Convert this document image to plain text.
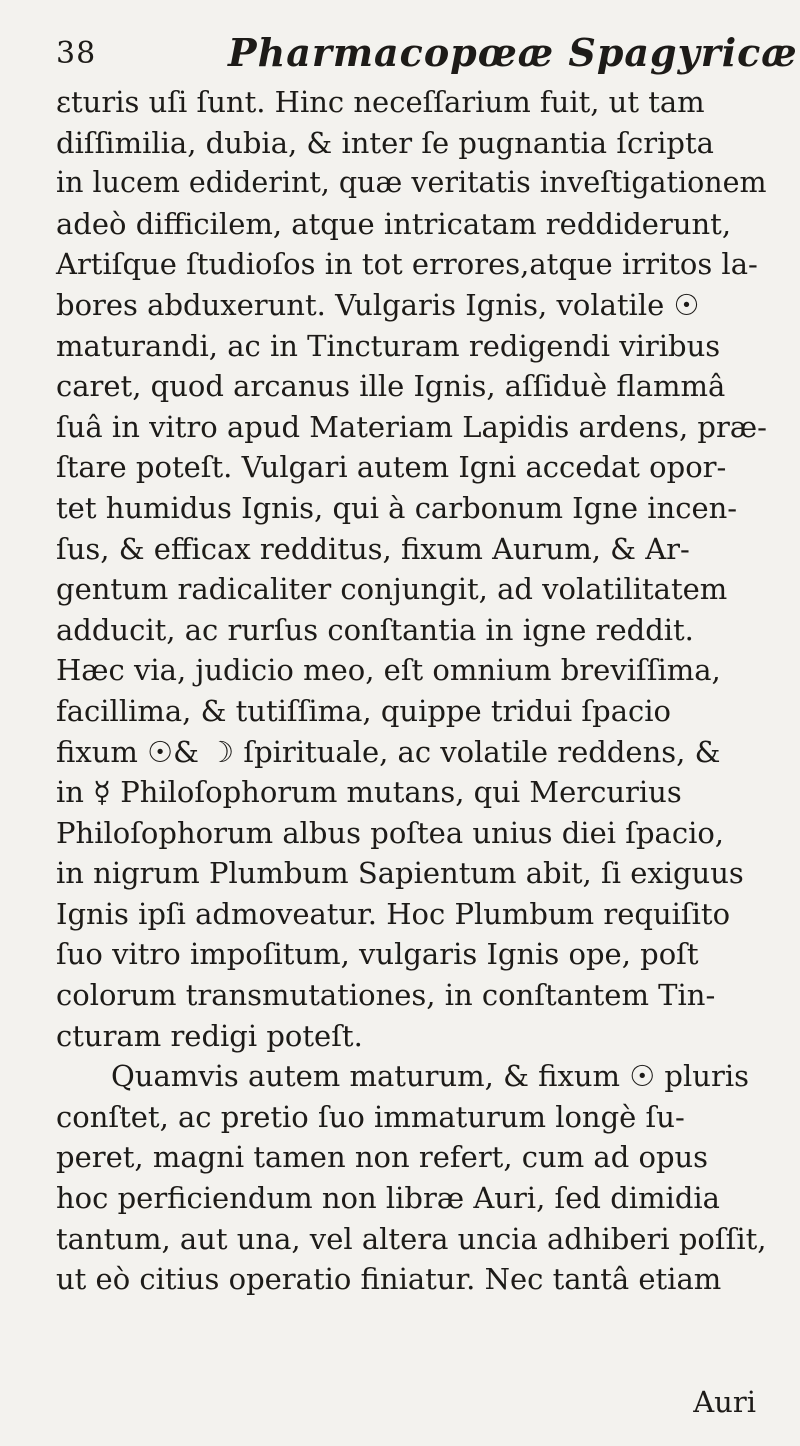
38	Pharmacopœæ Spagyricæ
ɛturis uſi ſunt. Hinc neceſſarium fuit, ut tam
diſſimilia, dubia, & inter ſe pugnantia ſcripta
in lucem ediderint, quæ veritatis inveſtigationem
adeò difficilem, atque intricatam reddiderunt,
Artiſque ſtudioſos in tot errores,atque irritos la-
bores abduxerunt. Vulgaris Ignis, volatile ☉
maturandi, ac in Tincturam redigendi viribus
caret, quod arcanus ille Ignis, aſſiduè flammâ
ſuâ in vitro apud Materiam Lapidis ardens, præ-
ſtare poteſt. Vulgari autem Igni accedat opor-
tet humidus Ignis, qui à carbonum Igne incen-
ſus, & efficax redditus, fixum Aurum, & Ar-
gentum radicaliter conjungit, ad volatilitatem
adducit, ac rurſus conſtantia in igne reddit.
Hæc via, judicio meo, eſt omnium breviſſima,
facillima, & tutiſſima, quippe tridui ſpacio
fixum ☉& ☽ ſpirituale, ac volatile reddens, &
in ☿ Philoſophorum mutans, qui Mercurius
Philoſophorum albus poſtea unius diei ſpacio,
in nigrum Plumbum Sapientum abit, ſi exiguus
Ignis ipſi admoveatur. Hoc Plumbum requiſito
ſuo vitro impoſitum, vulgaris Ignis ope, poſt
colorum transmutationes, in conſtantem Tin-
cturam redigi poteſt.
Quamvis autem maturum, & fixum ☉ pluris
conſtet, ac pretio ſuo immaturum longè ſu-
peret, magni tamen non refert, cum ad opus
hoc perficiendum non libræ Auri, ſed dimidia
tantum, aut una, vel altera uncia adhiberi poſſit,
ut eò citius operatio finiatur. Nec tantâ etiam
Auri
